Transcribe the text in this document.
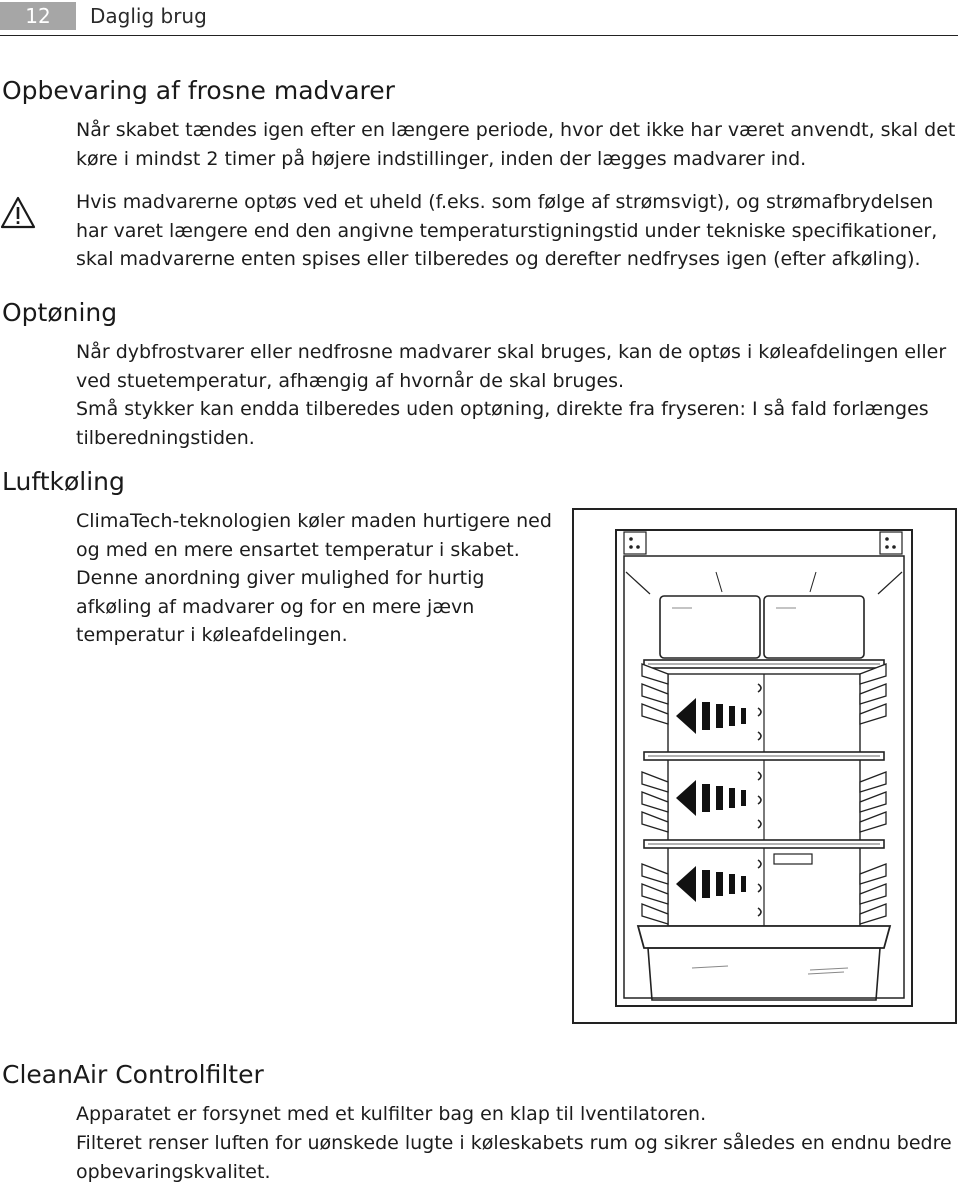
12	Daglig brug
Opbevaring af frosne madvarer

Når skabet tændes igen efter en længere periode, hvor det ikke har været anvendt, skal det køre i mindst 2 timer på højere indstillinger, inden der lægges madvarer ind.

Hvis madvarerne optøs ved et uheld (f.eks. som følge af strømsvigt), og strømafbrydelsen har varet længere end den angivne temperaturstigningstid under tekniske specifikationer, skal madvarerne enten spises eller tilberedes og derefter nedfryses igen (efter afkøling).

Optøning

Når dybfrostvarer eller nedfrosne madvarer skal bruges, kan de optøs i køleafdelingen eller ved stuetemperatur, afhængig af hvornår de skal bruges.

Små stykker kan endda tilberedes uden optøning, direkte fra fryseren: I så fald forlænges tilberedningstiden.

Luftkøling

ClimaTech-teknologien køler maden hurtigere ned og med en mere ensartet temperatur i skabet. Denne anordning giver mulighed for hurtig afkøling af madvarer og for en mere jævn temperatur i køleafdelingen.

CleanAir Controlfilter

Apparatet er forsynet med et kulfilter bag en klap til lventilatoren.

Filteret renser luften for uønskede lugte i køleskabets rum og sikrer således en endnu bedre opbevaringskvalitet.
